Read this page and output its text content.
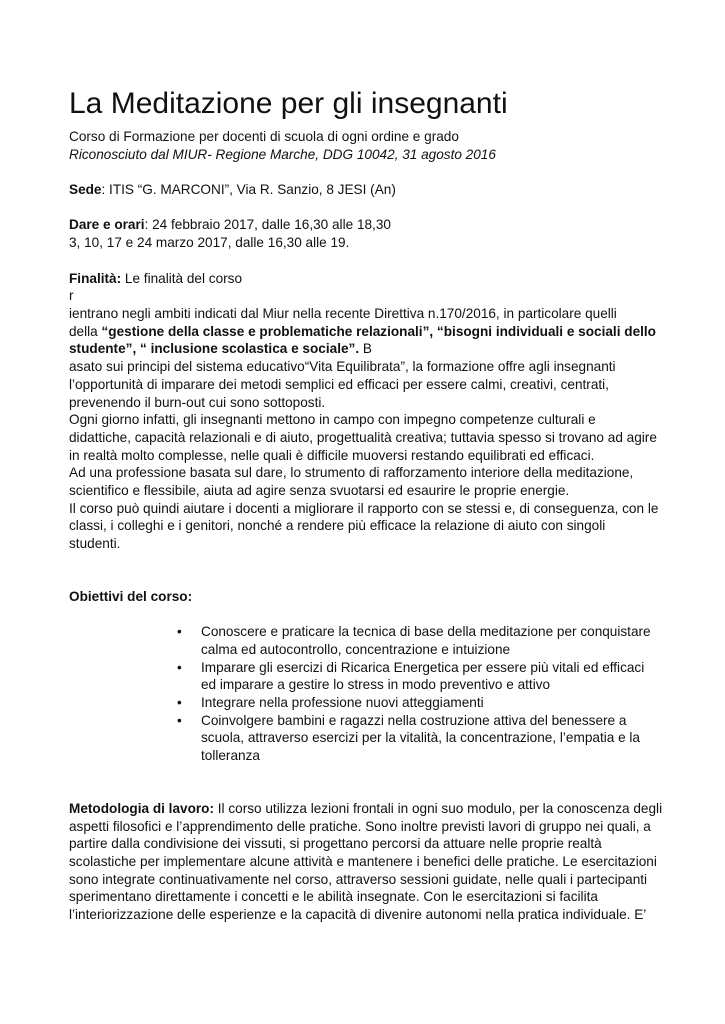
La Meditazione per gli insegnanti
Corso di Formazione per docenti di scuola di ogni ordine e grado
Riconosciuto dal MIUR- Regione Marche, DDG 10042, 31 agosto 2016
Sede: ITIS “G. MARCONI”, Via R. Sanzio, 8 JESI (An)
Dare e orari: 24 febbraio 2017, dalle 16,30 alle 18,30
3, 10, 17 e 24 marzo 2017, dalle 16,30 alle 19.
Finalità: Le finalità del corso
r
ientrano negli ambiti indicati dal Miur nella recente Direttiva n.170/2016, in particolare quelli
della “gestione della classe e problematiche relazionali”, “bisogni individuali e sociali dello
studente”, “ inclusione scolastica e sociale”. B
asato sui principi del sistema educativo“Vita Equilibrata”, la formazione offre agli insegnanti
l’opportunità di imparare dei metodi semplici ed efficaci per essere calmi, creativi, centrati,
prevenendo il burn-out cui sono sottoposti.
Ogni giorno infatti, gli insegnanti mettono in campo con impegno competenze culturali e
didattiche, capacità relazionali e di aiuto, progettualità creativa; tuttavia spesso si trovano ad agire
in realtà molto complesse, nelle quali è difficile muoversi restando equilibrati ed efficaci.
Ad una professione basata sul dare, lo strumento di rafforzamento interiore della meditazione,
scientifico e flessibile, aiuta ad agire senza svuotarsi ed esaurire le proprie energie.
Il corso può quindi aiutare i docenti a migliorare il rapporto con se stessi e, di conseguenza, con le
classi, i colleghi e i genitori, nonché a rendere più efficace la relazione di aiuto con singoli
studenti.
Obiettivi del corso:
• Conoscere e praticare la tecnica di base della meditazione per conquistare calma ed autocontrollo, concentrazione e intuizione
• Imparare gli esercizi di Ricarica Energetica per essere più vitali ed efficaci ed imparare a gestire lo stress in modo preventivo e attivo
• Integrare nella professione nuovi atteggiamenti
• Coinvolgere bambini e ragazzi nella costruzione attiva del benessere a scuola, attraverso esercizi per la vitalità, la concentrazione, l’empatia e la tolleranza
Metodologia di lavoro: Il corso utilizza lezioni frontali in ogni suo modulo, per la conoscenza degli
aspetti filosofici e l’apprendimento delle pratiche. Sono inoltre previsti lavori di gruppo nei quali, a
partire dalla condivisione dei vissuti, si progettano percorsi da attuare nelle proprie realtà
scolastiche per implementare alcune attività e mantenere i benefici delle pratiche. Le esercitazioni
sono integrate continuativamente nel corso, attraverso sessioni guidate, nelle quali i partecipanti
sperimentano direttamente i concetti e le abilità insegnate. Con le esercitazioni si facilita
l’interiorizzazione delle esperienze e la capacità di divenire autonomi nella pratica individuale. E’
